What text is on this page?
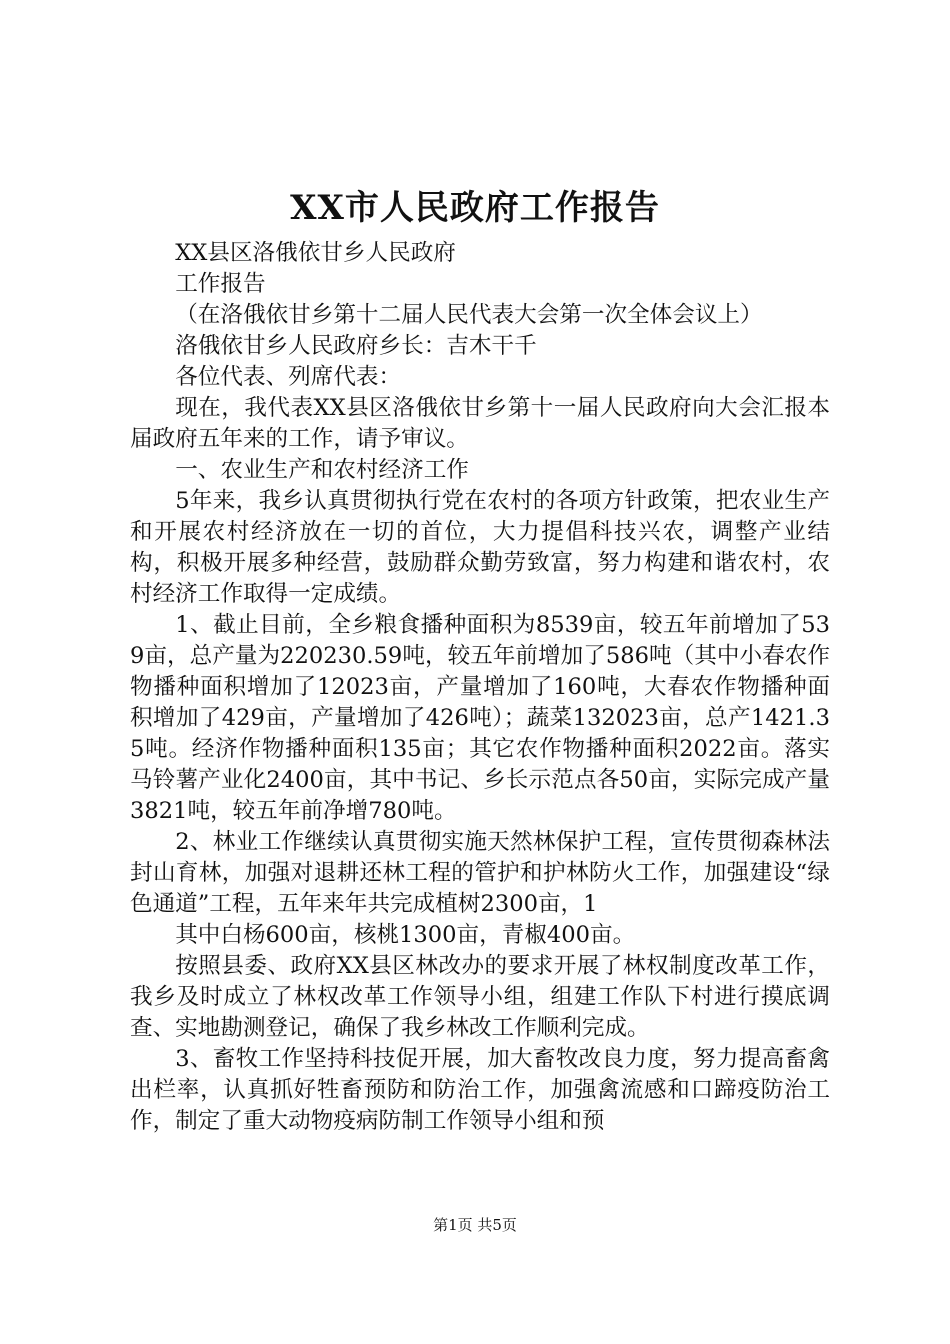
XX市人民政府工作报告

XX县区洛俄依甘乡人民政府

工作报告

（在洛俄依甘乡第十二届人民代表大会第一次全体会议上）

洛俄依甘乡人民政府乡长：吉木干千

各位代表、列席代表：

现在，我代表XX县区洛俄依甘乡第十一届人民政府向大会汇报本届政府五年来的工作，请予审议。

一、农业生产和农村经济工作

5年来，我乡认真贯彻执行党在农村的各项方针政策，把农业生产和开展农村经济放在一切的首位，大力提倡科技兴农，调整产业结构，积极开展多种经营，鼓励群众勤劳致富，努力构建和谐农村，农村经济工作取得一定成绩。

1、截止目前，全乡粮食播种面积为8539亩，较五年前增加了539亩，总产量为220230.59吨，较五年前增加了586吨（其中小春农作物播种面积增加了12023亩，产量增加了160吨，大春农作物播种面积增加了429亩，产量增加了426吨）；蔬菜132023亩，总产1421.35吨。经济作物播种面积135亩；其它农作物播种面积2022亩。落实马铃薯产业化2400亩，其中书记、乡长示范点各50亩，实际完成产量3821吨，较五年前净增780吨。

2、林业工作继续认真贯彻实施天然林保护工程，宣传贯彻森林法封山育林，加强对退耕还林工程的管护和护林防火工作，加强建设“绿色通道”工程，五年来年共完成植树2300亩，1

其中白杨600亩，核桃1300亩，青椒400亩。

按照县委、政府XX县区林改办的要求开展了林权制度改革工作，我乡及时成立了林权改革工作领导小组，组建工作队下村进行摸底调查、实地勘测登记，确保了我乡林改工作顺利完成。

3、畜牧工作坚持科技促开展，加大畜牧改良力度，努力提高畜禽出栏率，认真抓好牲畜预防和防治工作，加强禽流感和口蹄疫防治工作，制定了重大动物疫病防制工作领导小组和预

第1页 共5页
